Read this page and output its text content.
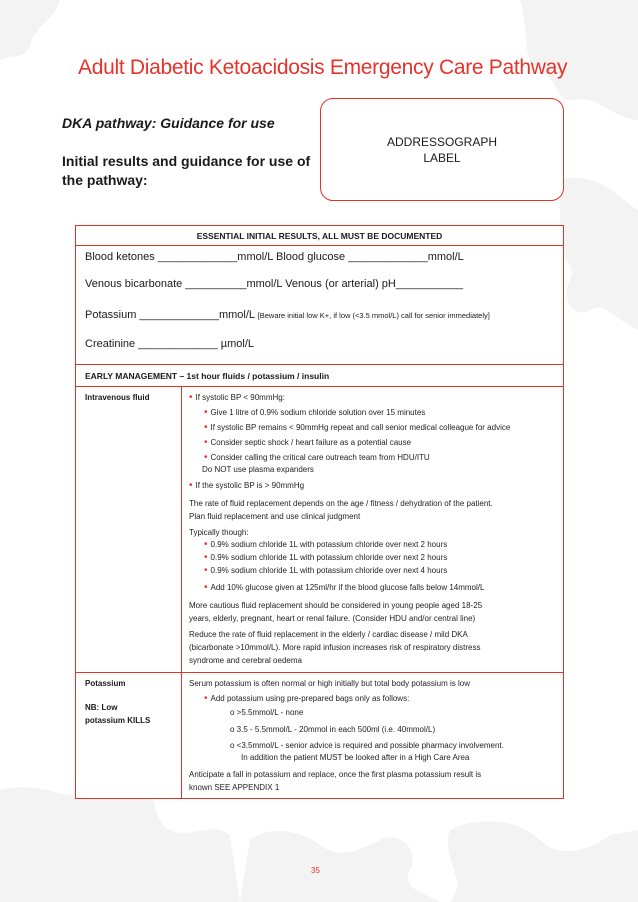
Adult Diabetic Ketoacidosis Emergency Care Pathway
DKA pathway: Guidance for use
Initial results and guidance for use of the pathway:
ADDRESSOGRAPH
LABEL
ESSENTIAL INITIAL RESULTS, ALL MUST BE DOCUMENTED
Blood ketones _____________mmol/L Blood glucose _____________mmol/L
Venous bicarbonate __________mmol/L Venous (or arterial) pH___________
Potassium _____________mmol/L [Beware initial low K+, if low (<3.5 mmol/L) call for senior immediately]
Creatinine _____________ µmol/L
EARLY MANAGEMENT – 1st hour fluids / potassium / insulin
Intravenous fluid	• If systolic BP < 90mmHg:
• Give 1 litre of 0.9% sodium chloride solution over 15 minutes
• If systolic BP remains < 90mmHg repeat and call senior medical colleague for advice
• Consider septic shock / heart failure as a potential cause
• Consider calling the critical care outreach team from HDU/ITU
Do NOT use plasma expanders
• If the systolic BP is > 90mmHg
The rate of fluid replacement depends on the age / fitness / dehydration of the patient.
Plan fluid replacement and use clinical judgment
Typically though:
• 0.9% sodium chloride 1L with potassium chloride over next 2 hours
• 0.9% sodium chloride 1L with potassium chloride over next 2 hours
• 0.9% sodium chloride 1L with potassium chloride over next 4 hours
• Add 10% glucose given at 125ml/hr if the blood glucose falls below 14mmol/L
More cautious fluid replacement should be considered in young people aged 18-25
years, elderly, pregnant, heart or renal failure. (Consider HDU and/or central line)
Reduce the rate of fluid replacement in the elderly / cardiac disease / mild DKA
(bicarbonate >10mmol/L). More rapid infusion increases risk of respiratory distress
syndrome and cerebral oedema
Potassium
NB: Low
potassium KILLS
Serum potassium is often normal or high initially but total body potassium is low
• Add potassium using pre-prepared bags only as follows:
o >5.5mmol/L - none
o 3.5 - 5.5mmol/L - 20mmol in each 500ml (i.e. 40mmol/L)
o <3.5mmol/L - senior advice is required and possible pharmacy involvement.
In addition the patient MUST be looked after in a High Care Area
Anticipate a fall in potassium and replace, once the first plasma potassium result is
known SEE APPENDIX 1
35
